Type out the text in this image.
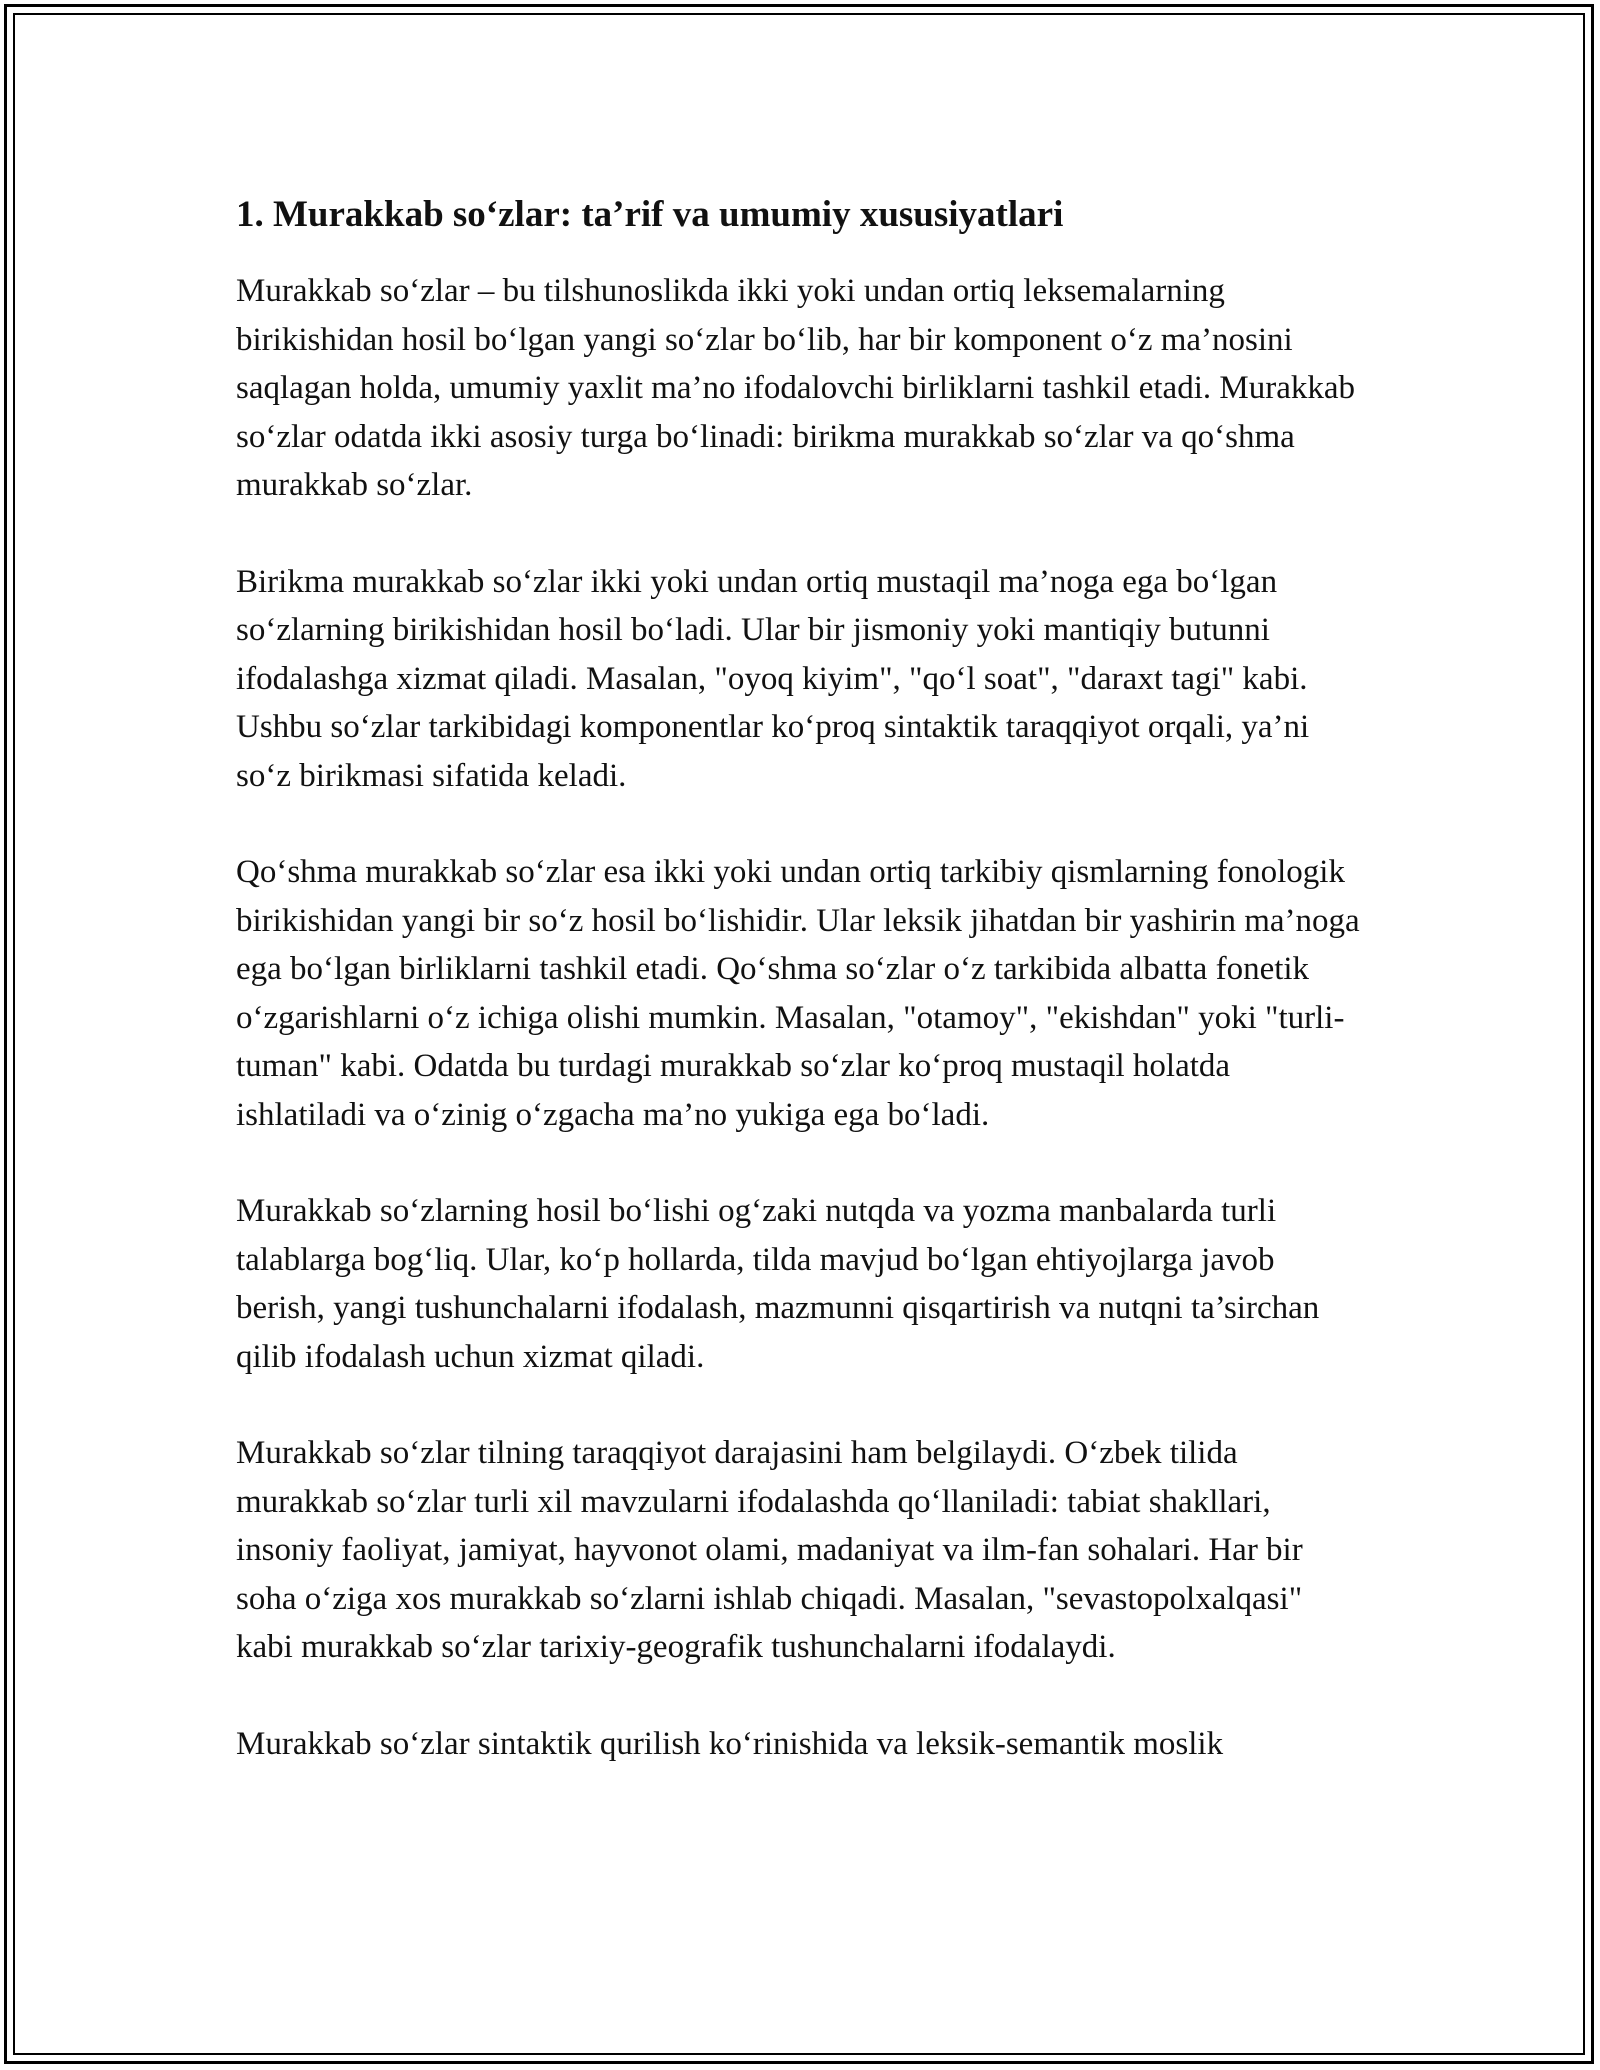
1. Murakkab so‘zlar: ta’rif va umumiy xususiyatlari

Murakkab so‘zlar – bu tilshunoslikda ikki yoki undan ortiq leksemalarning birikishidan hosil bo‘lgan yangi so‘zlar bo‘lib, har bir komponent o‘z ma’nosini saqlagan holda, umumiy yaxlit ma’no ifodalovchi birliklarni tashkil etadi. Murakkab so‘zlar odatda ikki asosiy turga bo‘linadi: birikma murakkab so‘zlar va qo‘shma murakkab so‘zlar.

Birikma murakkab so‘zlar ikki yoki undan ortiq mustaqil ma’noga ega bo‘lgan so‘zlarning birikishidan hosil bo‘ladi. Ular bir jismoniy yoki mantiqiy butunni ifodalashga xizmat qiladi. Masalan, "oyoq kiyim", "qo‘l soat", "daraxt tagi" kabi. Ushbu so‘zlar tarkibidagi komponentlar ko‘proq sintaktik taraqqiyot orqali, ya’ni so‘z birikmasi sifatida keladi.

Qo‘shma murakkab so‘zlar esa ikki yoki undan ortiq tarkibiy qismlarning fonologik birikishidan yangi bir so‘z hosil bo‘lishidir. Ular leksik jihatdan bir yashirin ma’noga ega bo‘lgan birliklarni tashkil etadi. Qo‘shma so‘zlar o‘z tarkibida albatta fonetik o‘zgarishlarni o‘z ichiga olishi mumkin. Masalan, "otamoy", "ekishdan" yoki "turli-tuman" kabi. Odatda bu turdagi murakkab so‘zlar ko‘proq mustaqil holatda ishlatiladi va o‘zinig o‘zgacha ma’no yukiga ega bo‘ladi.

Murakkab so‘zlarning hosil bo‘lishi og‘zaki nutqda va yozma manbalarda turli talablarga bog‘liq. Ular, ko‘p hollarda, tilda mavjud bo‘lgan ehtiyojlarga javob berish, yangi tushunchalarni ifodalash, mazmunni qisqartirish va nutqni ta’sirchan qilib ifodalash uchun xizmat qiladi.

Murakkab so‘zlar tilning taraqqiyot darajasini ham belgilaydi. O‘zbek tilida murakkab so‘zlar turli xil mavzularni ifodalashda qo‘llaniladi: tabiat shakllari, insoniy faoliyat, jamiyat, hayvonot olami, madaniyat va ilm-fan sohalari. Har bir soha o‘ziga xos murakkab so‘zlarni ishlab chiqadi. Masalan, "sevastopolxalqasi" kabi murakkab so‘zlar tarixiy-geografik tushunchalarni ifodalaydi.

Murakkab so‘zlar sintaktik qurilish ko‘rinishida va leksik-semantik moslik
